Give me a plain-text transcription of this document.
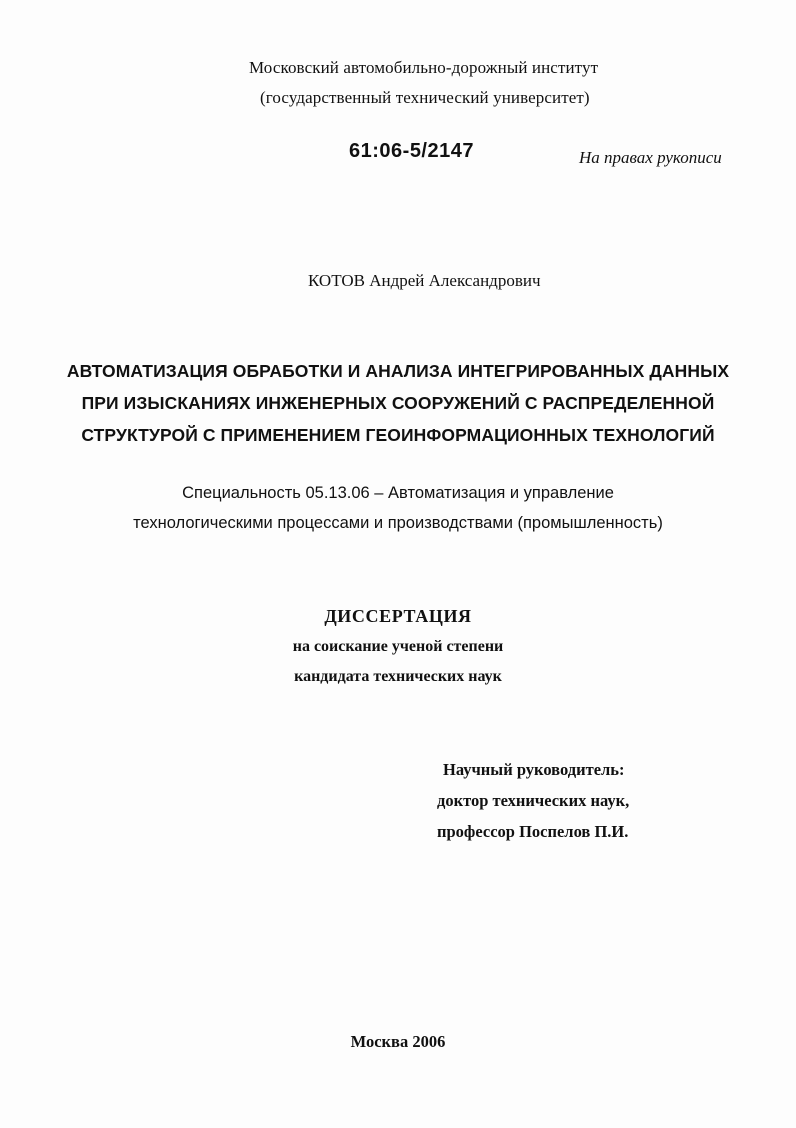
Московский автомобильно-дорожный институт
(государственный технический университет)
61:06-5/2147	На правах рукописи
КОТОВ Андрей Александрович
АВТОМАТИЗАЦИЯ ОБРАБОТКИ И АНАЛИЗА ИНТЕГРИРОВАННЫХ ДАННЫХ
ПРИ ИЗЫСКАНИЯХ ИНЖЕНЕРНЫХ СООРУЖЕНИЙ С РАСПРЕДЕЛЕННОЙ
СТРУКТУРОЙ С ПРИМЕНЕНИЕМ ГЕОИНФОРМАЦИОННЫХ ТЕХНОЛОГИЙ
Специальность 05.13.06 – Автоматизация и управление
технологическими процессами и производствами (промышленность)
ДИССЕРТАЦИЯ
на соискание ученой степени
кандидата технических наук
Научный руководитель:
доктор технических наук,
профессор Поспелов П.И.
Москва 2006
